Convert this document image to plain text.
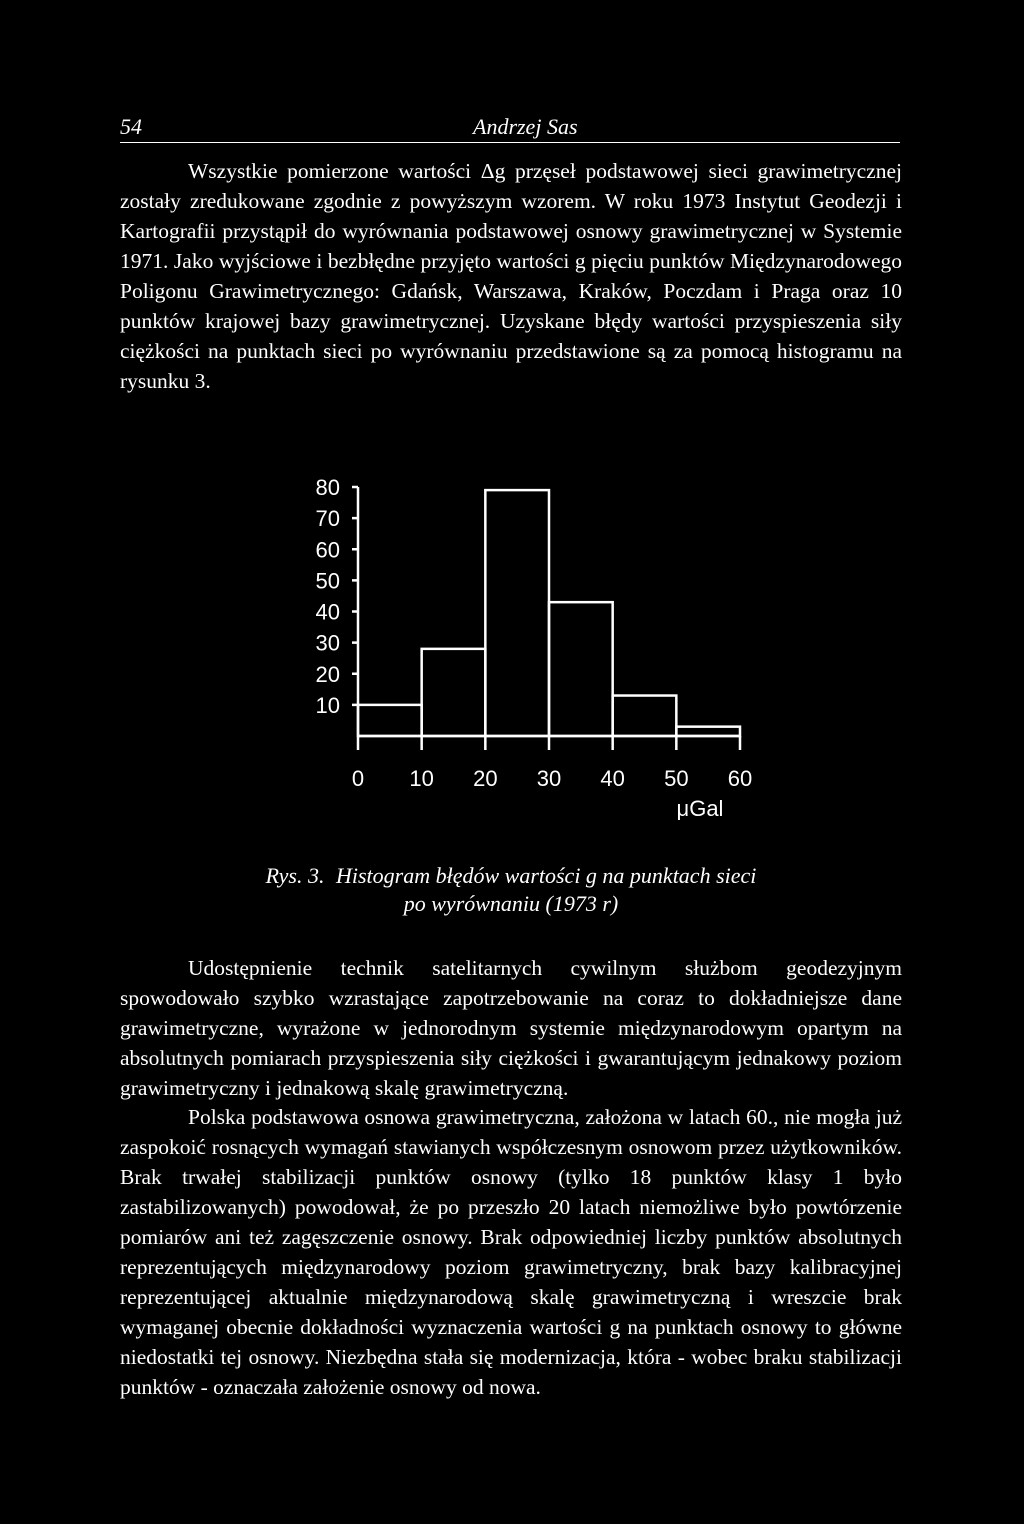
54	Andrzej Sas

Wszystkie pomierzone wartości Δg przęseł podstawowej sieci grawimetrycznej zostały zredukowane zgodnie z powyższym wzorem. W roku 1973 Instytut Geodezji i Kartografii przystąpił do wyrównania podstawowej osnowy grawimetrycznej w Systemie 1971. Jako wyjściowe i bezbłędne przyjęto wartości g pięciu punktów Międzynarodowego Poligonu Grawimetrycznego: Gdańsk, Warszawa, Kraków, Poczdam i Praga oraz 10 punktów krajowej bazy grawimetrycznej. Uzyskane błędy wartości przyspieszenia siły ciężkości na punktach sieci po wyrównaniu przedstawione są za pomocą histogramu na rysunku 3.

10
20
30
40
50
60
70
80
0 10 20 30 40 50 60
μGal
Rys. 3. Histogram błędów wartości g na punktach sieci
po wyrównaniu (1973 r)

Udostępnienie technik satelitarnych cywilnym służbom geodezyjnym spowodowało szybko wzrastające zapotrzebowanie na coraz to dokładniejsze dane grawimetryczne, wyrażone w jednorodnym systemie międzynarodowym opartym na absolutnych pomiarach przyspieszenia siły ciężkości i gwarantującym jednakowy poziom grawimetryczny i jednakową skalę grawimetryczną.

Polska podstawowa osnowa grawimetryczna, założona w latach 60., nie mogła już zaspokoić rosnących wymagań stawianych współczesnym osnowom przez użytkowników. Brak trwałej stabilizacji punktów osnowy (tylko 18 punktów klasy 1 było zastabilizowanych) powodował, że po przeszło 20 latach niemożliwe było powtórzenie pomiarów ani też zagęszczenie osnowy. Brak odpowiedniej liczby punktów absolutnych reprezentujących międzynarodowy poziom grawimetryczny, brak bazy kalibracyjnej reprezentującej aktualnie międzynarodową skalę grawimetryczną i wreszcie brak wymaganej obecnie dokładności wyznaczenia wartości g na punktach osnowy to główne niedostatki tej osnowy. Niezbędna stała się modernizacja, która - wobec braku stabilizacji punktów - oznaczała założenie osnowy od nowa.
